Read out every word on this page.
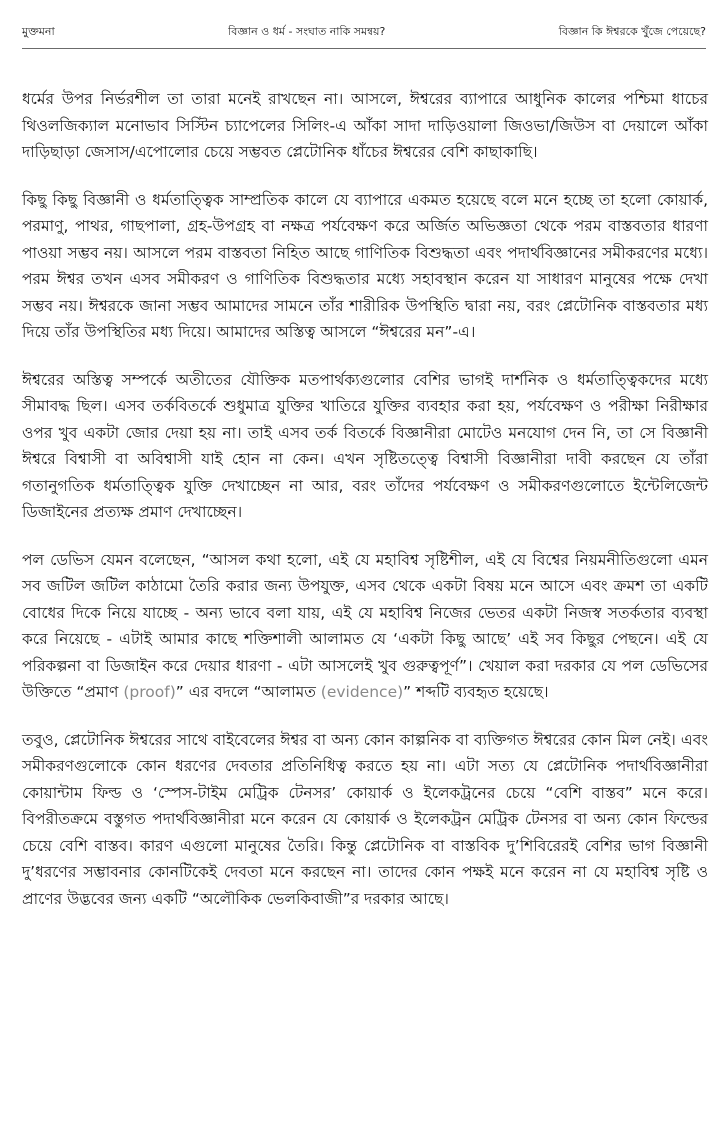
মুক্তমনা	বিজ্ঞান ও ধর্ম - সংঘাত নাকি সমন্বয়?	বিজ্ঞান কি ঈশ্বরকে খুঁজে পেয়েছে?

ধর্মের উপর নির্ভরশীল তা তারা মনেই রাখছেন না। আসলে, ঈশ্বরের ব্যাপারে আধুনিক কালের পশ্চিমা ধাচের থিওলজিক্যাল মনোভাব সিস্টিন চ্যাপেলের সিলিং-এ আঁকা সাদা দাড়িওয়ালা জিওভা/জিউস বা দেয়ালে আঁকা দাড়িছাড়া জেসাস/এপোলোর চেয়ে সম্ভবত প্লেটোনিক ধাঁচের ঈশ্বরের বেশি কাছাকাছি।

কিছু কিছু বিজ্ঞানী ও ধর্মতাত্ত্বিক সাম্প্রতিক কালে যে ব্যাপারে একমত হয়েছে বলে মনে হচ্ছে তা হলো কোয়ার্ক, পরমাণু, পাথর, গাছপালা, গ্রহ-উপগ্রহ বা নক্ষত্র পর্যবেক্ষণ করে অর্জিত অভিজ্ঞতা থেকে পরম বাস্তবতার ধারণা পাওয়া সম্ভব নয়। আসলে পরম বাস্তবতা নিহিত আছে গাণিতিক বিশুদ্ধতা এবং পদার্থবিজ্ঞানের সমীকরণের মধ্যে। পরম ঈশ্বর তখন এসব সমীকরণ ও গাণিতিক বিশুদ্ধতার মধ্যে সহাবস্থান করেন যা সাধারণ মানুষের পক্ষে দেখা সম্ভব নয়। ঈশ্বরকে জানা সম্ভব আমাদের সামনে তাঁর শারীরিক উপস্থিতি দ্বারা নয়, বরং প্লেটোনিক বাস্তবতার মধ্য দিয়ে তাঁর উপস্থিতির মধ্য দিয়ে। আমাদের অস্তিত্ব আসলে “ঈশ্বরের মন”-এ।

ঈশ্বরের অস্তিত্ব সম্পর্কে অতীতের যৌক্তিক মতপার্থক্যগুলোর বেশির ভাগই দার্শনিক ও ধর্মতাত্ত্বিকদের মধ্যে সীমাবদ্ধ ছিল। এসব তর্কবিতর্কে শুধুমাত্র যুক্তির খাতিরে যুক্তির ব্যবহার করা হয়, পর্যবেক্ষণ ও পরীক্ষা নিরীক্ষার ওপর খুব একটা জোর দেয়া হয় না। তাই এসব তর্ক বিতর্কে বিজ্ঞানীরা মোটেও মনযোগ দেন নি, তা সে বিজ্ঞানী ঈশ্বরে বিশ্বাসী বা অবিশ্বাসী যাই হোন না কেন। এখন সৃষ্টিতত্ত্বে বিশ্বাসী বিজ্ঞানীরা দাবী করছেন যে তাঁরা গতানুগতিক ধর্মতাত্ত্বিক যুক্তি দেখাচ্ছেন না আর, বরং তাঁদের পর্যবেক্ষণ ও সমীকরণগুলোতে ইন্টেলিজেন্ট ডিজাইনের প্রত্যক্ষ প্রমাণ দেখাচ্ছেন।

পল ডেভিস যেমন বলেছেন, “আসল কথা হলো, এই যে মহাবিশ্ব সৃষ্টিশীল, এই যে বিশ্বের নিয়মনীতিগুলো এমন সব জটিল জটিল কাঠামো তৈরি করার জন্য উপযুক্ত, এসব থেকে একটা বিষয় মনে আসে এবং ক্রমশ তা একটি বোধের দিকে নিয়ে যাচ্ছে - অন্য ভাবে বলা যায়, এই যে মহাবিশ্ব নিজের ভেতর একটা নিজস্ব সতর্কতার ব্যবস্থা করে নিয়েছে - এটাই আমার কাছে শক্তিশালী আলামত যে ‘একটা কিছু আছে’ এই সব কিছুর পেছনে। এই যে পরিকল্পনা বা ডিজাইন করে দেয়ার ধারণা - এটা আসলেই খুব গুরুত্বপূর্ণ”। খেয়াল করা দরকার যে পল ডেভিসের উক্তিতে “প্রমাণ (proof)” এর বদলে “আলামত (evidence)” শব্দটি ব্যবহৃত হয়েছে।

তবুও, প্লেটোনিক ঈশ্বরের সাথে বাইবেলের ঈশ্বর বা অন্য কোন কাল্পনিক বা ব্যক্তিগত ঈশ্বরের কোন মিল নেই। এবং সমীকরণগুলোকে কোন ধরণের দেবতার প্রতিনিধিত্ব করতে হয় না। এটা সত্য যে প্লেটোনিক পদার্থবিজ্ঞানীরা কোয়ান্টাম ফিল্ড ও ‘স্পেস-টাইম মেট্রিক টেনসর’ কোয়ার্ক ও ইলেকট্রনের চেয়ে “বেশি বাস্তব” মনে করে। বিপরীতক্রমে বস্তুগত পদার্থবিজ্ঞানীরা মনে করেন যে কোয়ার্ক ও ইলেকট্রন মেট্রিক টেনসর বা অন্য কোন ফিল্ডের চেয়ে বেশি বাস্তব। কারণ এগুলো মানুষের তৈরি। কিন্তু প্লেটোনিক বা বাস্তবিক দু’শিবিরেরই বেশির ভাগ বিজ্ঞানী দু’ধরণের সম্ভাবনার কোনটিকেই দেবতা মনে করছেন না। তাদের কোন পক্ষই মনে করেন না যে মহাবিশ্ব সৃষ্টি ও প্রাণের উদ্ভবের জন্য একটি “অলৌকিক ভেলকিবাজী”র দরকার আছে।
